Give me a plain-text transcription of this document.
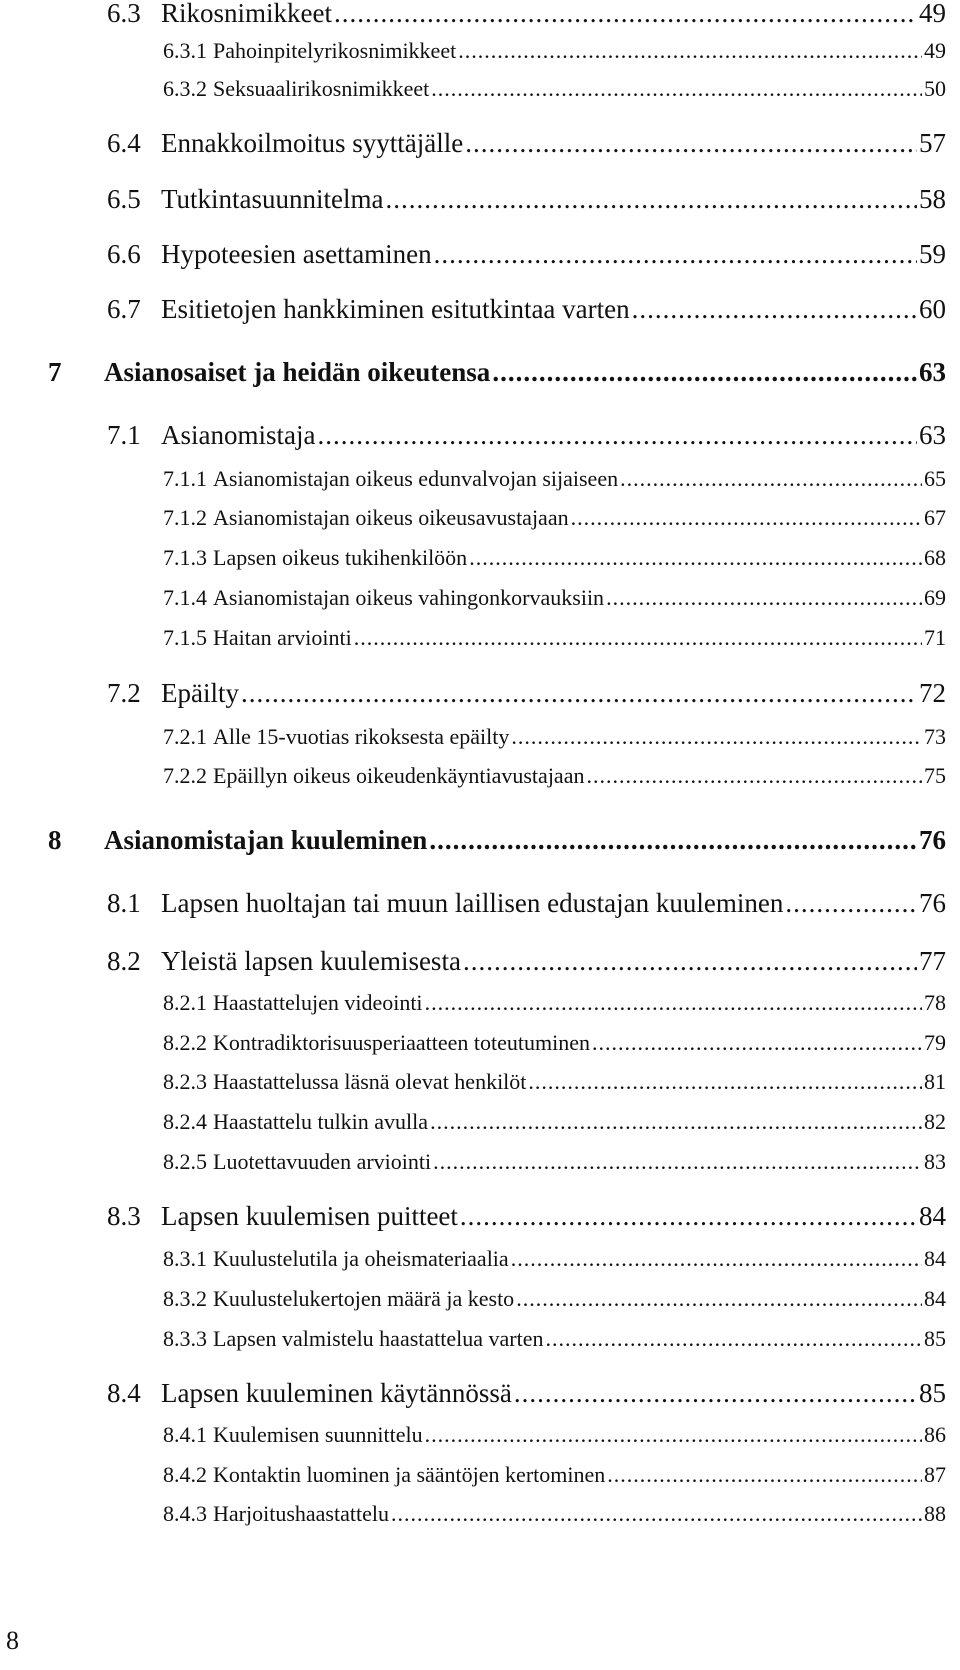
6.3 Rikosnimikkeet .....	49
6.3.1 Pahoinpitelyrikosnimikkeet .....	49
6.3.2 Seksuaalirikosnimikkeet .....	50
6.4 Ennakkoilmoitus syyttäjälle .....	57
6.5 Tutkintasuunnitelma .....	58
6.6 Hypoteesien asettaminen .....	59
6.7 Esitietojen hankkiminen esitutkintaa varten .....	60
7	Asianosaiset ja heidän oikeutensa .....	63
7.1 Asianomistaja .....	63
7.1.1 Asianomistajan oikeus edunvalvojan sijaiseen .....	65
7.1.2 Asianomistajan oikeus oikeusavustajaan .....	67
7.1.3 Lapsen oikeus tukihenkilöön .....	68
7.1.4 Asianomistajan oikeus vahingonkorvauksiin .....	69
7.1.5 Haitan arviointi .....	71
7.2 Epäilty .....	72
7.2.1 Alle 15-vuotias rikoksesta epäilty .....	73
7.2.2 Epäillyn oikeus oikeudenkäyntiavustajaan .....	75
8	Asianomistajan kuuleminen .....	76
8.1 Lapsen huoltajan tai muun laillisen edustajan kuuleminen .....	76
8.2 Yleistä lapsen kuulemisesta .....	77
8.2.1 Haastattelujen videointi .....	78
8.2.2 Kontradiktorisuusperiaatteen toteutuminen .....	79
8.2.3 Haastattelussa läsnä olevat henkilöt .....	81
8.2.4 Haastattelu tulkin avulla .....	82
8.2.5 Luotettavuuden arviointi .....	83
8.3 Lapsen kuulemisen puitteet .....	84
8.3.1 Kuulustelutila ja oheismateriaalia .....	84
8.3.2 Kuulustelukertojen määrä ja kesto .....	84
8.3.3 Lapsen valmistelu haastattelua varten .....	85
8.4 Lapsen kuuleminen käytännössä .....	85
8.4.1 Kuulemisen suunnittelu .....	86
8.4.2 Kontaktin luominen ja sääntöjen kertominen .....	87
8.4.3 Harjoitushaastattelu .....	88
8
